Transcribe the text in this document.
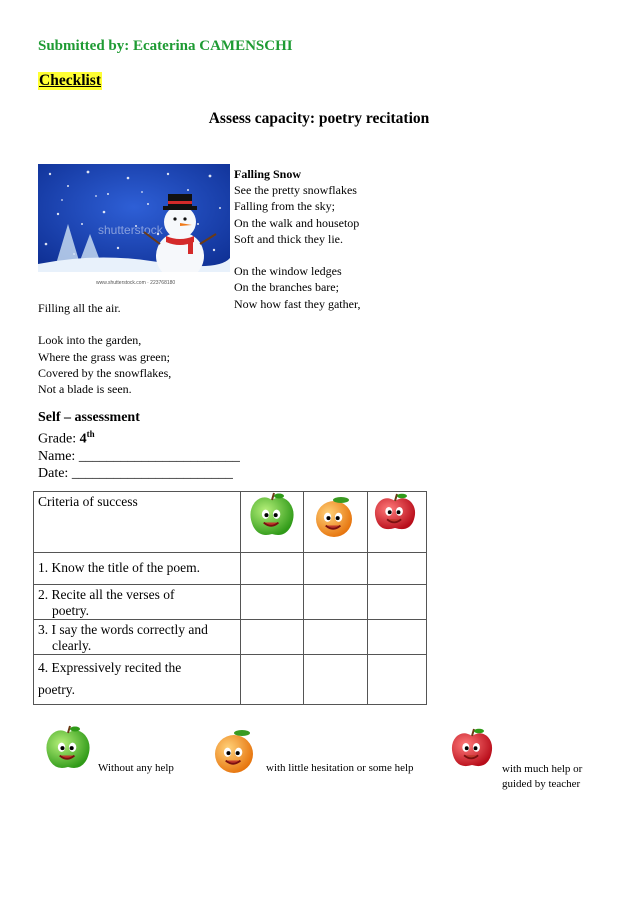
Submitted by: Ecaterina CAMENSCHI
Checklist
Assess capacity: poetry recitation
shutterstock
www.shutterstock.com · 223768180
Falling Snow
See the pretty snowflakes
Falling from the sky;
On the walk and housetop
Soft and thick they lie.

On the window ledges
On the branches bare;
Now how fast they gather,
Filling all the air.

Look into the garden,
Where the grass was green;
Covered by the snowflakes,
Not a blade is seen.
Self – assessment
Grade: 4th
Name: _______________________
Date: _______________________
Criteria of success

1. Know the title of the poem.			

2. Recite all the verses of
poetry.			

3. I say the words correctly and
clearly.			

4. Expressively recited the
poetry.			

Without any help	with little hesitation or some help	with much help or
guided by teacher
